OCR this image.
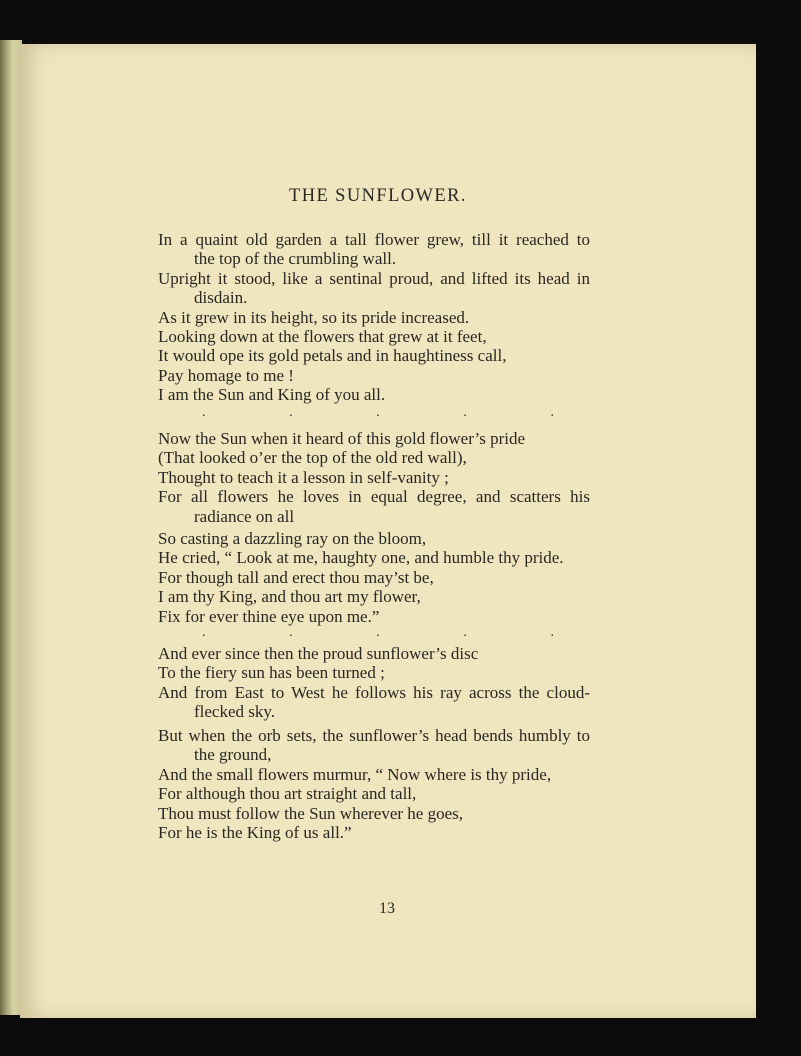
THE SUNFLOWER.
In a quaint old garden a tall flower grew, till it reached to
the top of the crumbling wall.
Upright it stood, like a sentinal proud, and lifted its head in
disdain.
As it grew in its height, so its pride increased.
Looking down at the flowers that grew at it feet,
It would ope its gold petals and in haughtiness call,
Pay homage to me !
I am the Sun and King of you all.
.	.	.	.	.
Now the Sun when it heard of this gold flower’s pride
(That looked o’er the top of the old red wall),
Thought to teach it a lesson in self-vanity ;
For all flowers he loves in equal degree, and scatters his
radiance on all
So casting a dazzling ray on the bloom,
He cried, “ Look at me, haughty one, and humble thy pride.
For though tall and erect thou may’st be,
I am thy King, and thou art my flower,
Fix for ever thine eye upon me.”
.	.	.	.	.
And ever since then the proud sunflower’s disc
To the fiery sun has been turned ;
And from East to West he follows his ray across the cloud-
flecked sky.
But when the orb sets, the sunflower’s head bends humbly to
the ground,
And the small flowers murmur, “ Now where is thy pride,
For although thou art straight and tall,
Thou must follow the Sun wherever he goes,
For he is the King of us all.”
13
